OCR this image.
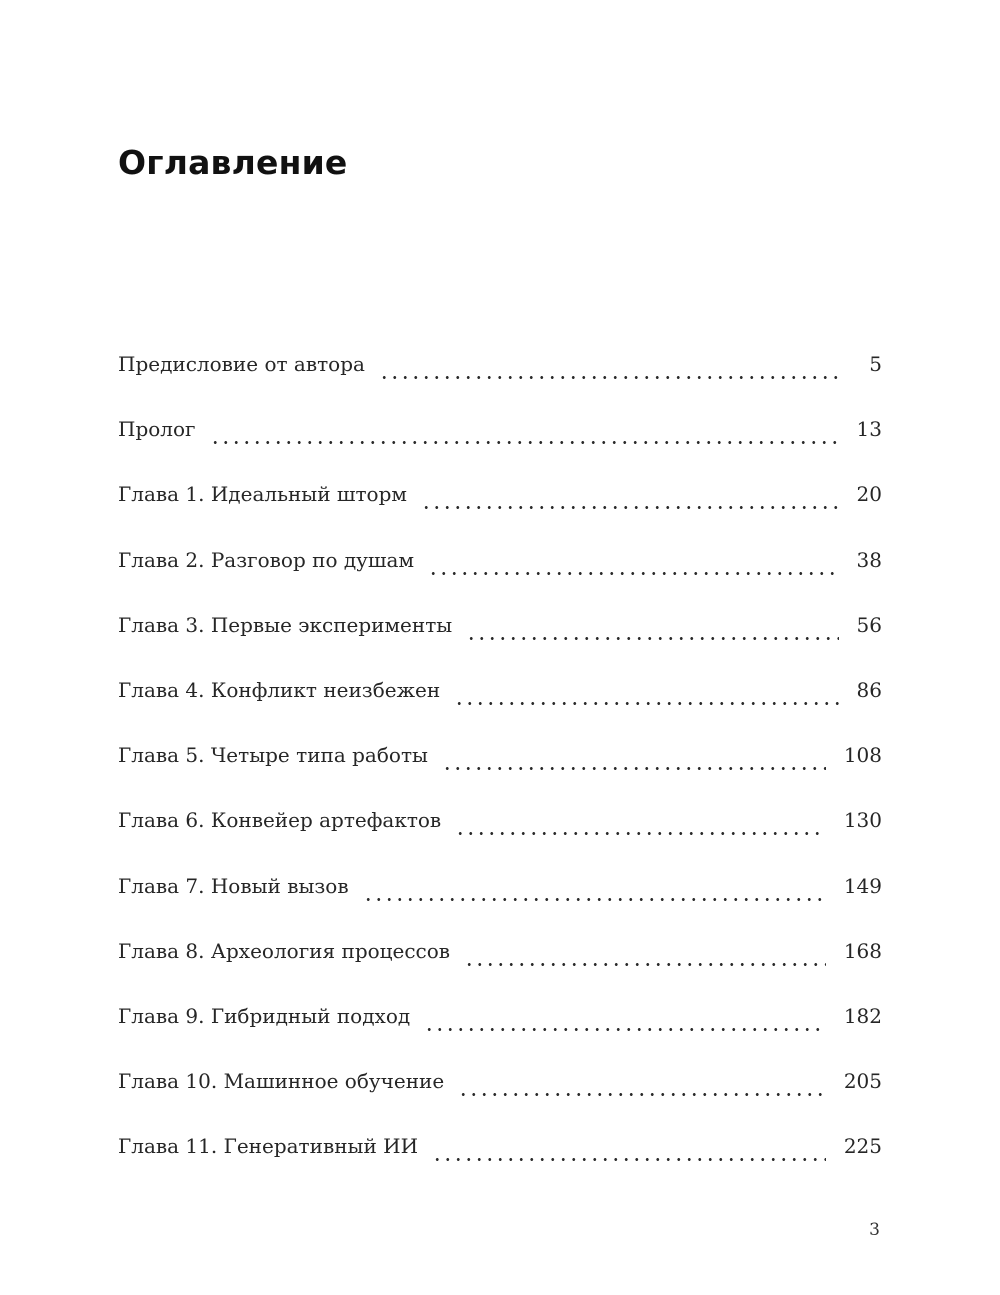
Оглавление
Предисловие от автора	5
Пролог	13
Глава 1. Идеальный шторм	20
Глава 2. Разговор по душам	38
Глава 3. Первые эксперименты	56
Глава 4. Конфликт неизбежен	86
Глава 5. Четыре типа работы	108
Глава 6. Конвейер артефактов	130
Глава 7. Новый вызов	149
Глава 8. Археология процессов	168
Глава 9. Гибридный подход	182
Глава 10. Машинное обучение	205
Глава 11. Генеративный ИИ	225
3
